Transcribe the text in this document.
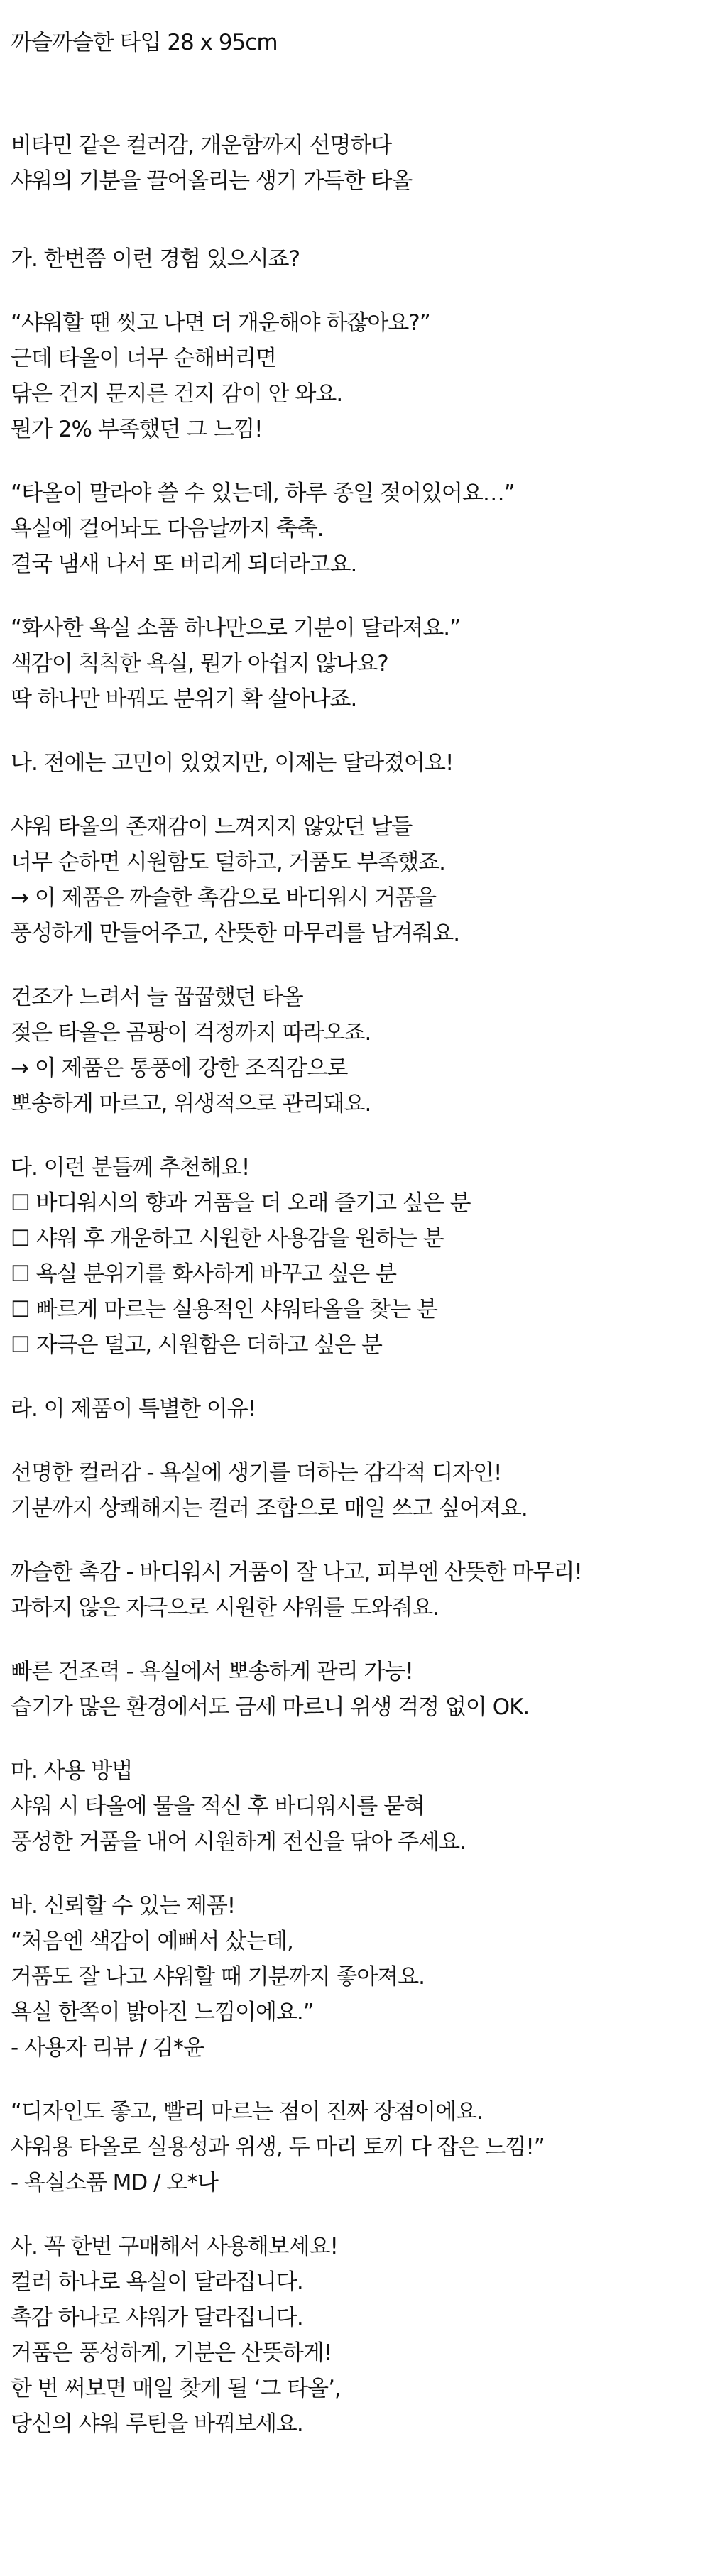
까슬까슬한 타입 28 x 95cm
비타민 같은 컬러감, 개운함까지 선명하다
샤워의 기분을 끌어올리는 생기 가득한 타올
가. 한번쯤 이런 경험 있으시죠?
“샤워할 땐 씻고 나면 더 개운해야 하잖아요?”
근데 타올이 너무 순해버리면
닦은 건지 문지른 건지 감이 안 와요.
뭔가 2% 부족했던 그 느낌!
“타올이 말라야 쓸 수 있는데, 하루 종일 젖어있어요…”
욕실에 걸어놔도 다음날까지 축축.
결국 냄새 나서 또 버리게 되더라고요.
“화사한 욕실 소품 하나만으로 기분이 달라져요.”
색감이 칙칙한 욕실, 뭔가 아쉽지 않나요?
딱 하나만 바꿔도 분위기 확 살아나죠.
나. 전에는 고민이 있었지만, 이제는 달라졌어요!
샤워 타올의 존재감이 느껴지지 않았던 날들
너무 순하면 시원함도 덜하고, 거품도 부족했죠.
→ 이 제품은 까슬한 촉감으로 바디워시 거품을
풍성하게 만들어주고, 산뜻한 마무리를 남겨줘요.
건조가 느려서 늘 꿉꿉했던 타올
젖은 타올은 곰팡이 걱정까지 따라오죠.
→ 이 제품은 통풍에 강한 조직감으로
뽀송하게 마르고, 위생적으로 관리돼요.
다. 이런 분들께 추천해요!
☐ 바디워시의 향과 거품을 더 오래 즐기고 싶은 분
☐ 샤워 후 개운하고 시원한 사용감을 원하는 분
☐ 욕실 분위기를 화사하게 바꾸고 싶은 분
☐ 빠르게 마르는 실용적인 샤워타올을 찾는 분
☐ 자극은 덜고, 시원함은 더하고 싶은 분
라. 이 제품이 특별한 이유!
선명한 컬러감 - 욕실에 생기를 더하는 감각적 디자인!
기분까지 상쾌해지는 컬러 조합으로 매일 쓰고 싶어져요.
까슬한 촉감 - 바디워시 거품이 잘 나고, 피부엔 산뜻한 마무리!
과하지 않은 자극으로 시원한 샤워를 도와줘요.
빠른 건조력 - 욕실에서 뽀송하게 관리 가능!
습기가 많은 환경에서도 금세 마르니 위생 걱정 없이 OK.
마. 사용 방법
샤워 시 타올에 물을 적신 후 바디워시를 묻혀
풍성한 거품을 내어 시원하게 전신을 닦아 주세요.
바. 신뢰할 수 있는 제품!
“처음엔 색감이 예뻐서 샀는데,
거품도 잘 나고 샤워할 때 기분까지 좋아져요.
욕실 한쪽이 밝아진 느낌이에요.”
- 사용자 리뷰 / 김*윤
“디자인도 좋고, 빨리 마르는 점이 진짜 장점이에요.
샤워용 타올로 실용성과 위생, 두 마리 토끼 다 잡은 느낌!”
- 욕실소품 MD / 오*나
사. 꼭 한번 구매해서 사용해보세요!
컬러 하나로 욕실이 달라집니다.
촉감 하나로 샤워가 달라집니다.
거품은 풍성하게, 기분은 산뜻하게!
한 번 써보면 매일 찾게 될 ‘그 타올’,
당신의 샤워 루틴을 바꿔보세요.
